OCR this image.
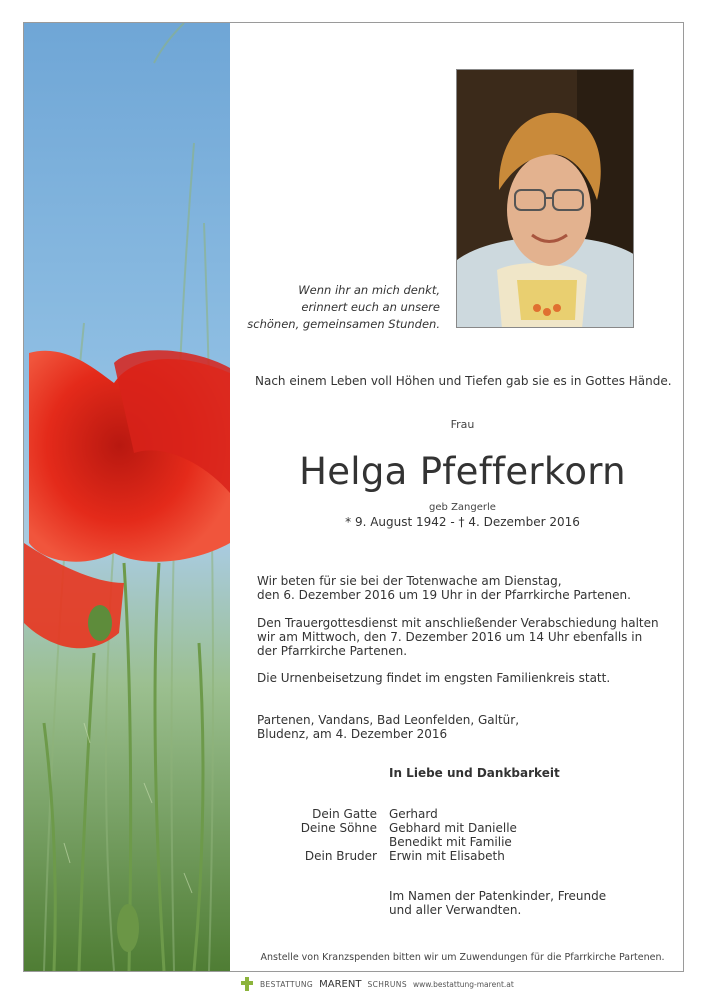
Wenn ihr an mich denkt,
erinnert euch an unsere
schönen, gemeinsamen Stunden.
Nach einem Leben voll Höhen und Tiefen gab sie es in Gottes Hände.
Frau
Helga Pfefferkorn
geb Zangerle
* 9. August 1942 - † 4. Dezember 2016
Wir beten für sie bei der Totenwache am Dienstag,
den 6. Dezember 2016 um 19 Uhr in der Pfarrkirche Partenen.
Den Trauergottesdienst mit anschließender Verabschiedung halten
wir am Mittwoch, den 7. Dezember 2016 um 14 Uhr ebenfalls in
der Pfarrkirche Partenen.
Die Urnenbeisetzung findet im engsten Familienkreis statt.
Partenen, Vandans, Bad Leonfelden, Galtür,
Bludenz, am 4. Dezember 2016
In Liebe und Dankbarkeit
Dein Gatte
Deine Söhne
Dein Bruder
Gerhard
Gebhard mit Danielle
Benedikt mit Familie
Erwin mit Elisabeth
Im Namen der Patenkinder, Freunde
und aller Verwandten.
Anstelle von Kranzspenden bitten wir um Zuwendungen für die Pfarrkirche Partenen.
BESTATTUNG MARENT SCHRUNS www.bestattung-marent.at
